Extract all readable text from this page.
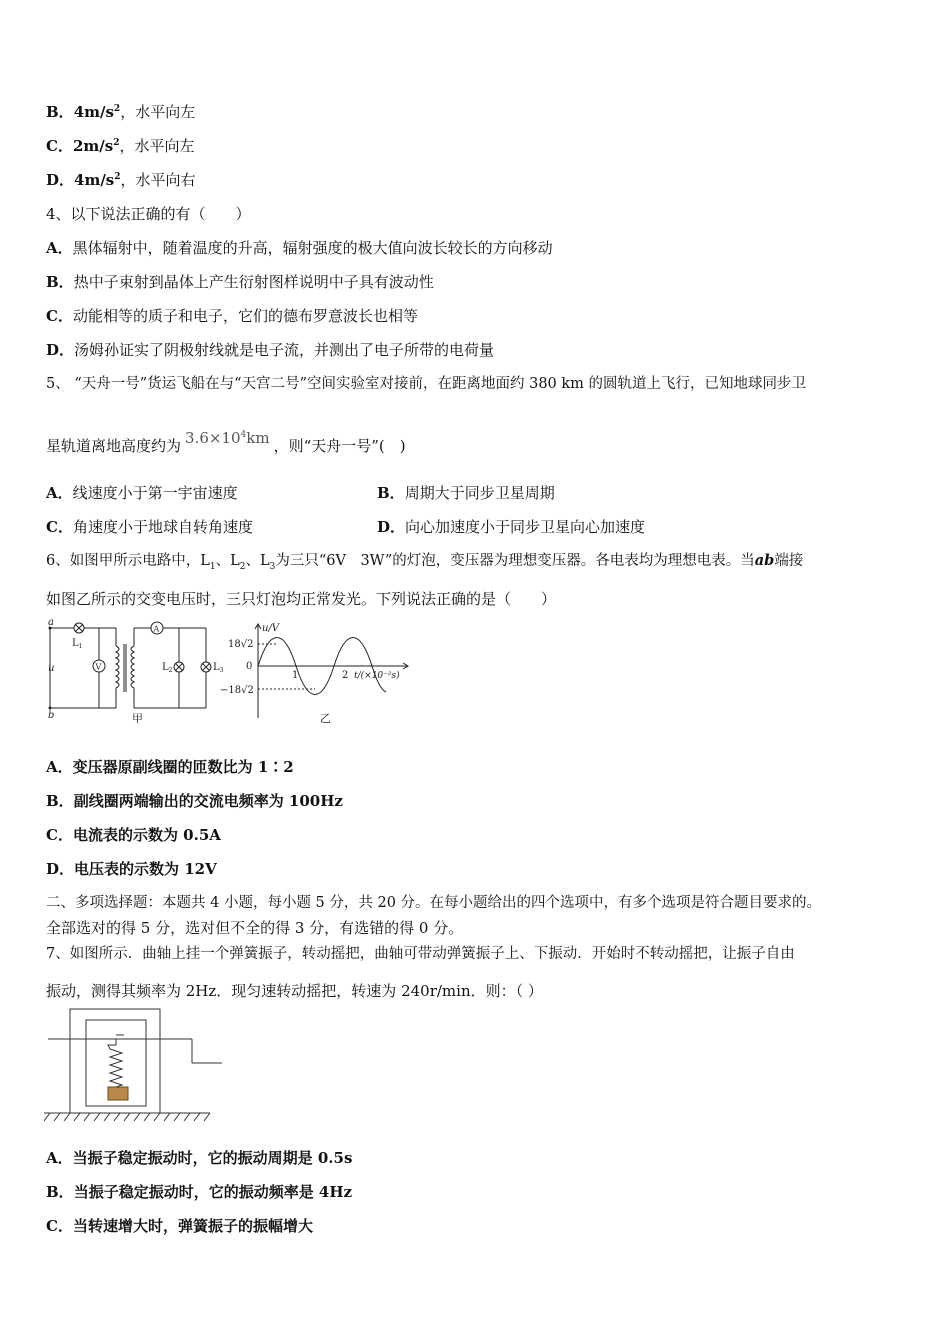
B．$4m/s^2$，水平向左
C．$2m/s^2$，水平向左
D．$4m/s^2$，水平向右
4、以下说法正确的有（　　）
A．黑体辐射中，随着温度的升高，辐射强度的极大值向波长较长的方向移动
B．热中子束射到晶体上产生衍射图样说明中子具有波动性
C．动能相等的质子和电子，它们的德布罗意波长也相等
D．汤姆孙证实了阴极射线就是电子流，并测出了电子所带的电荷量
5、 “天舟一号”货运飞船在与“天宫二号”空间实验室对接前，在距离地面约 380 km 的圆轨道上飞行，已知地球同步卫
星轨道离地高度约为 $3.6\times 10^4km$ ，则“天舟一号”(　)
A．线速度小于第一宇宙速度	B．周期大于同步卫星周期
C．角速度小于地球自转角速度	D．向心加速度小于同步卫星向心加速度
6、如图甲所示电路中，$L_1$、$L_2$、$L_3$为三只“6V　3W”的灯泡，变压器为理想变压器。各电表均为理想电表。当ab端接
如图乙所示的交变电压时，三只灯泡均正常发光。下列说法正确的是（　　）
a
b
u
$L_1$
V
A
$L_2$	$L_3$
甲
u/V
18√2
0
−18√2
1	2 t/(×10⁻²s)
乙
A．变压器原副线圈的匝数比为 1∶2
B．副线圈两端输出的交流电频率为 100Hz
C．电流表的示数为 0.5A
D．电压表的示数为 12V
二、多项选择题：本题共 4 小题，每小题 5 分，共 20 分。在每小题给出的四个选项中，有多个选项是符合题目要求的。
全部选对的得 5 分，选对但不全的得 3 分，有选错的得 0 分。
7、如图所示．曲轴上挂一个弹簧振子，转动摇把，曲轴可带动弹簧振子上、下振动．开始时不转动摇把，让振子自由
振动，测得其频率为 2Hz．现匀速转动摇把，转速为 240r/min．则：（ ）
A．当振子稳定振动时，它的振动周期是 0.5s
B．当振子稳定振动时，它的振动频率是 4Hz
C．当转速增大时，弹簧振子的振幅增大
